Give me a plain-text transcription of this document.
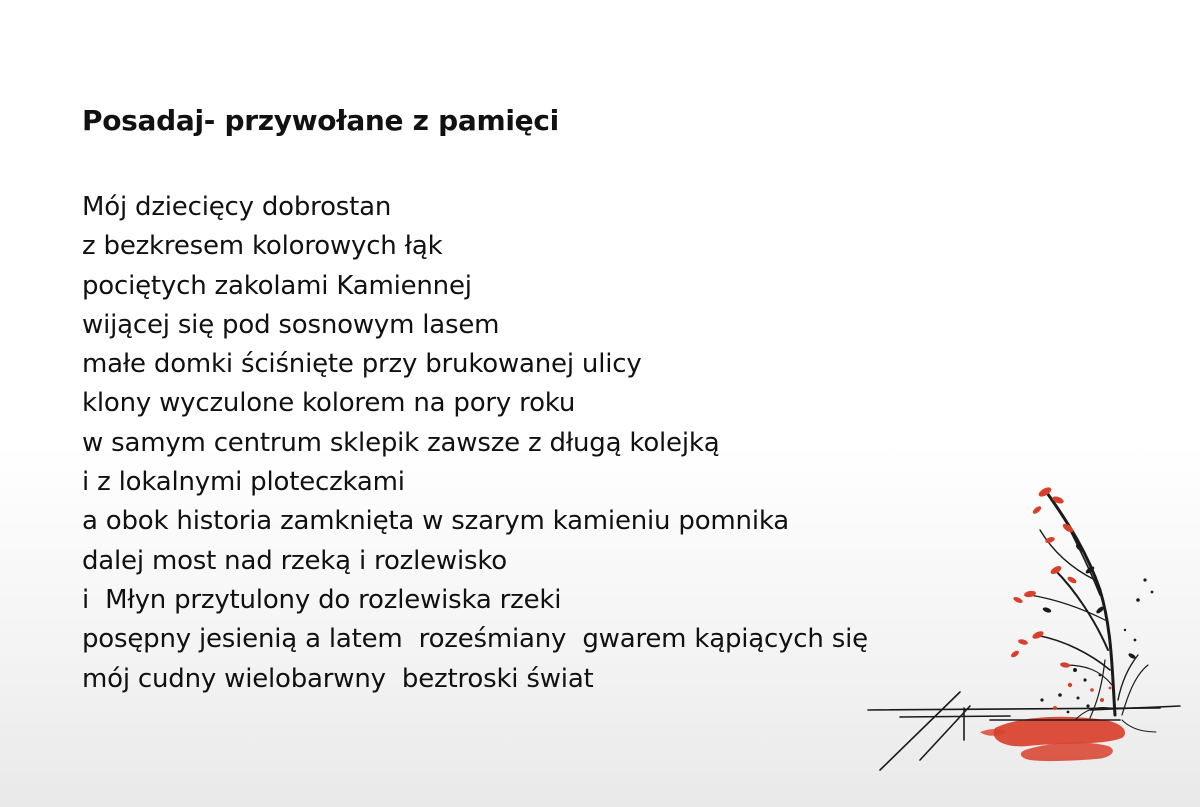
Posadaj- przywołane z pamięci
Mój dziecięcy dobrostan
z bezkresem kolorowych łąk
pociętych zakolami Kamiennej
wijącej się pod sosnowym lasem
małe domki ściśnięte przy brukowanej ulicy
klony wyczulone kolorem na pory roku
w samym centrum sklepik zawsze z długą kolejką
i z lokalnymi ploteczkami
a obok historia zamknięta w szarym kamieniu pomnika
dalej most nad rzeką i rozlewisko
i  Młyn przytulony do rozlewiska rzeki
posępny jesienią a latem  roześmiany  gwarem kąpiących się
mój cudny wielobarwny  beztroski świat
